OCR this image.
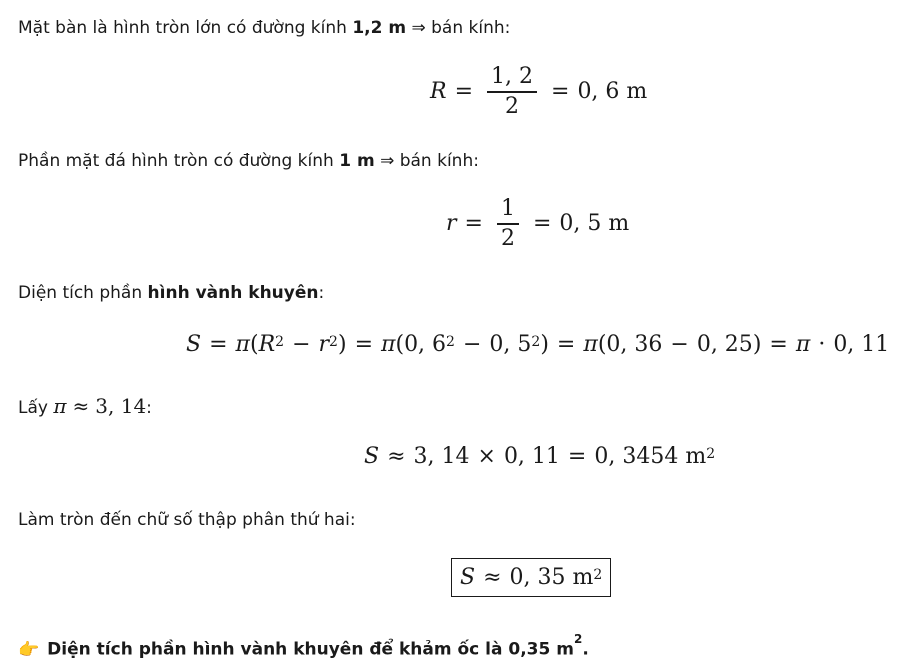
Mặt bàn là hình tròn lớn có đường kính 1,2 m ⇒ bán kính:
$R = \frac{1, 2}{2} = 0$, 6 m
Phần mặt đá hình tròn có đường kính 1 m ⇒ bán kính:
$r = \frac{1}{2} = 0$, 5 m
Diện tích phần hình vành khuyên:
S = π ( $R^2 - r^2$ ) = π ( 0, $6^2 - 0$, $5^2$ ) = π ( 0, 36 − 0, 25 ) = π · 0, 11
Lấy π ≈ 3, 14:
S ≈ 3, 14 × 0, 11 = 0, 3454
$m^2$
Làm tròn đến chữ số thập phân thứ hai:
S ≈ 0, 35
$m^2$
👉 Diện tích phần hình vành khuyên để khảm ốc là 0,35 $m^2$.
